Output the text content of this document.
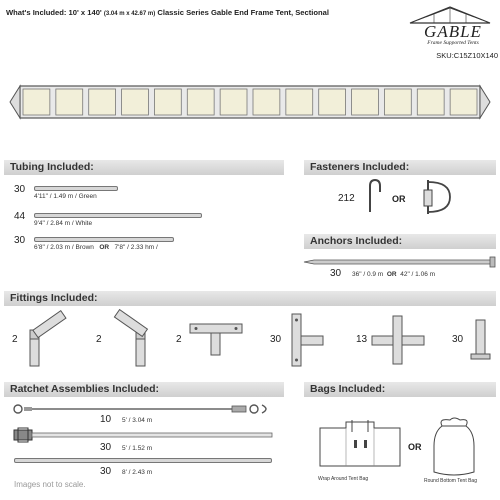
What's Included: 10' x 140' (3.04 m x 42.67 m) Classic Series Gable End Frame Tent, Sectional
GABLE
Frame Supported Tents
SKU:C15Z10X140
Tubing Included:
30
4'11" / 1.49 m / Green
44
9'4" / 2.84 m / White
30
6'8" / 2.03 m / Brown OR 7'8" / 2.33 hm /
Fasteners Included:
212	OR
Anchors Included:
30 36" / 0.9 m OR 42" / 1.06 m
Fittings Included:
2	2	2	30	13	30
Ratchet Assemblies Included:
10 5' / 3.04 m
30 5' / 1.52 m
30 8' / 2.43 m
Images not to scale.
Bags Included:
OR
Wrap Around Tent Bag	Round Bottom Tent Bag
